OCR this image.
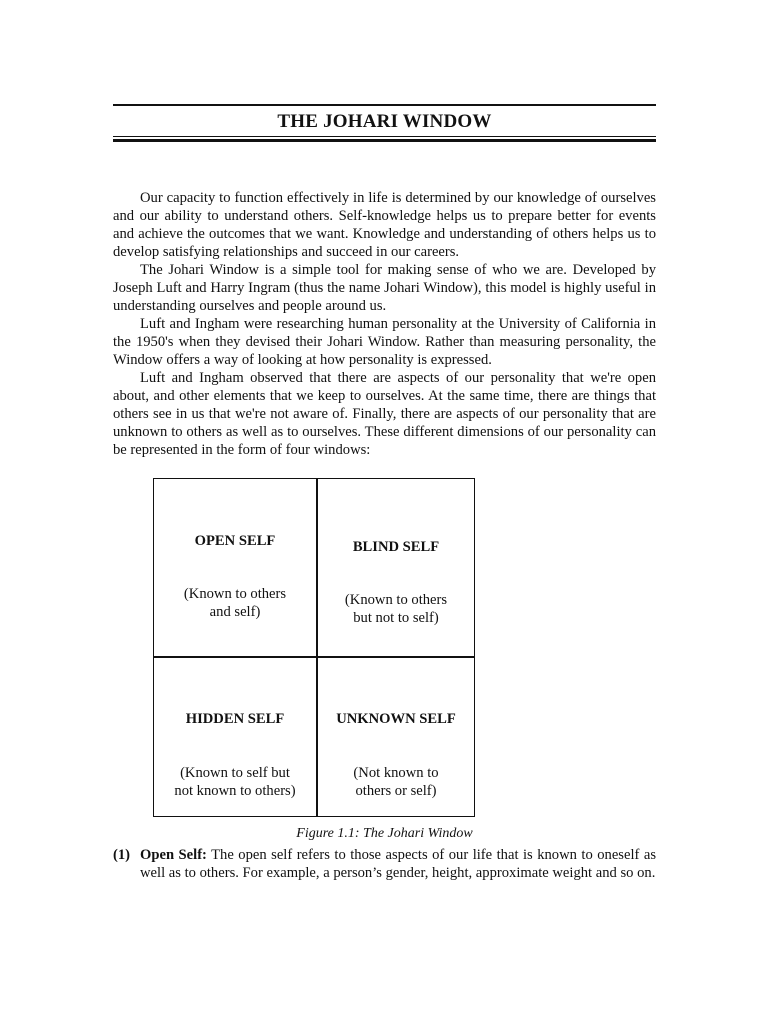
THE JOHARI WINDOW

Our capacity to function effectively in life is determined by our knowledge of ourselves and our ability to understand others. Self-knowledge helps us to prepare better for events and achieve the outcomes that we want. Knowledge and understanding of others helps us to develop satisfying relationships and succeed in our careers.

The Johari Window is a simple tool for making sense of who we are. Developed by Joseph Luft and Harry Ingram (thus the name Johari Window), this model is highly useful in understanding ourselves and people around us.

Luft and Ingham were researching human personality at the University of California in the 1950's when they devised their Johari Window. Rather than measuring personality, the Window offers a way of looking at how personality is expressed.

Luft and Ingham observed that there are aspects of our personality that we're open about, and other elements that we keep to ourselves. At the same time, there are things that others see in us that we're not aware of. Finally, there are aspects of our personality that are unknown to others as well as to ourselves. These different dimensions of our personality can be represented in the form of four windows:

OPEN SELF
(Known to others
and self)
BLIND SELF
(Known to others
but not to self)
HIDDEN SELF
(Known to self but
not known to others)
UNKNOWN SELF
(Not known to
others or self)
Figure 1.1: The Johari Window
(1) Open Self: The open self refers to those aspects of our life that is known to oneself as well as to others. For example, a person’s gender, height, approximate weight and so on.
